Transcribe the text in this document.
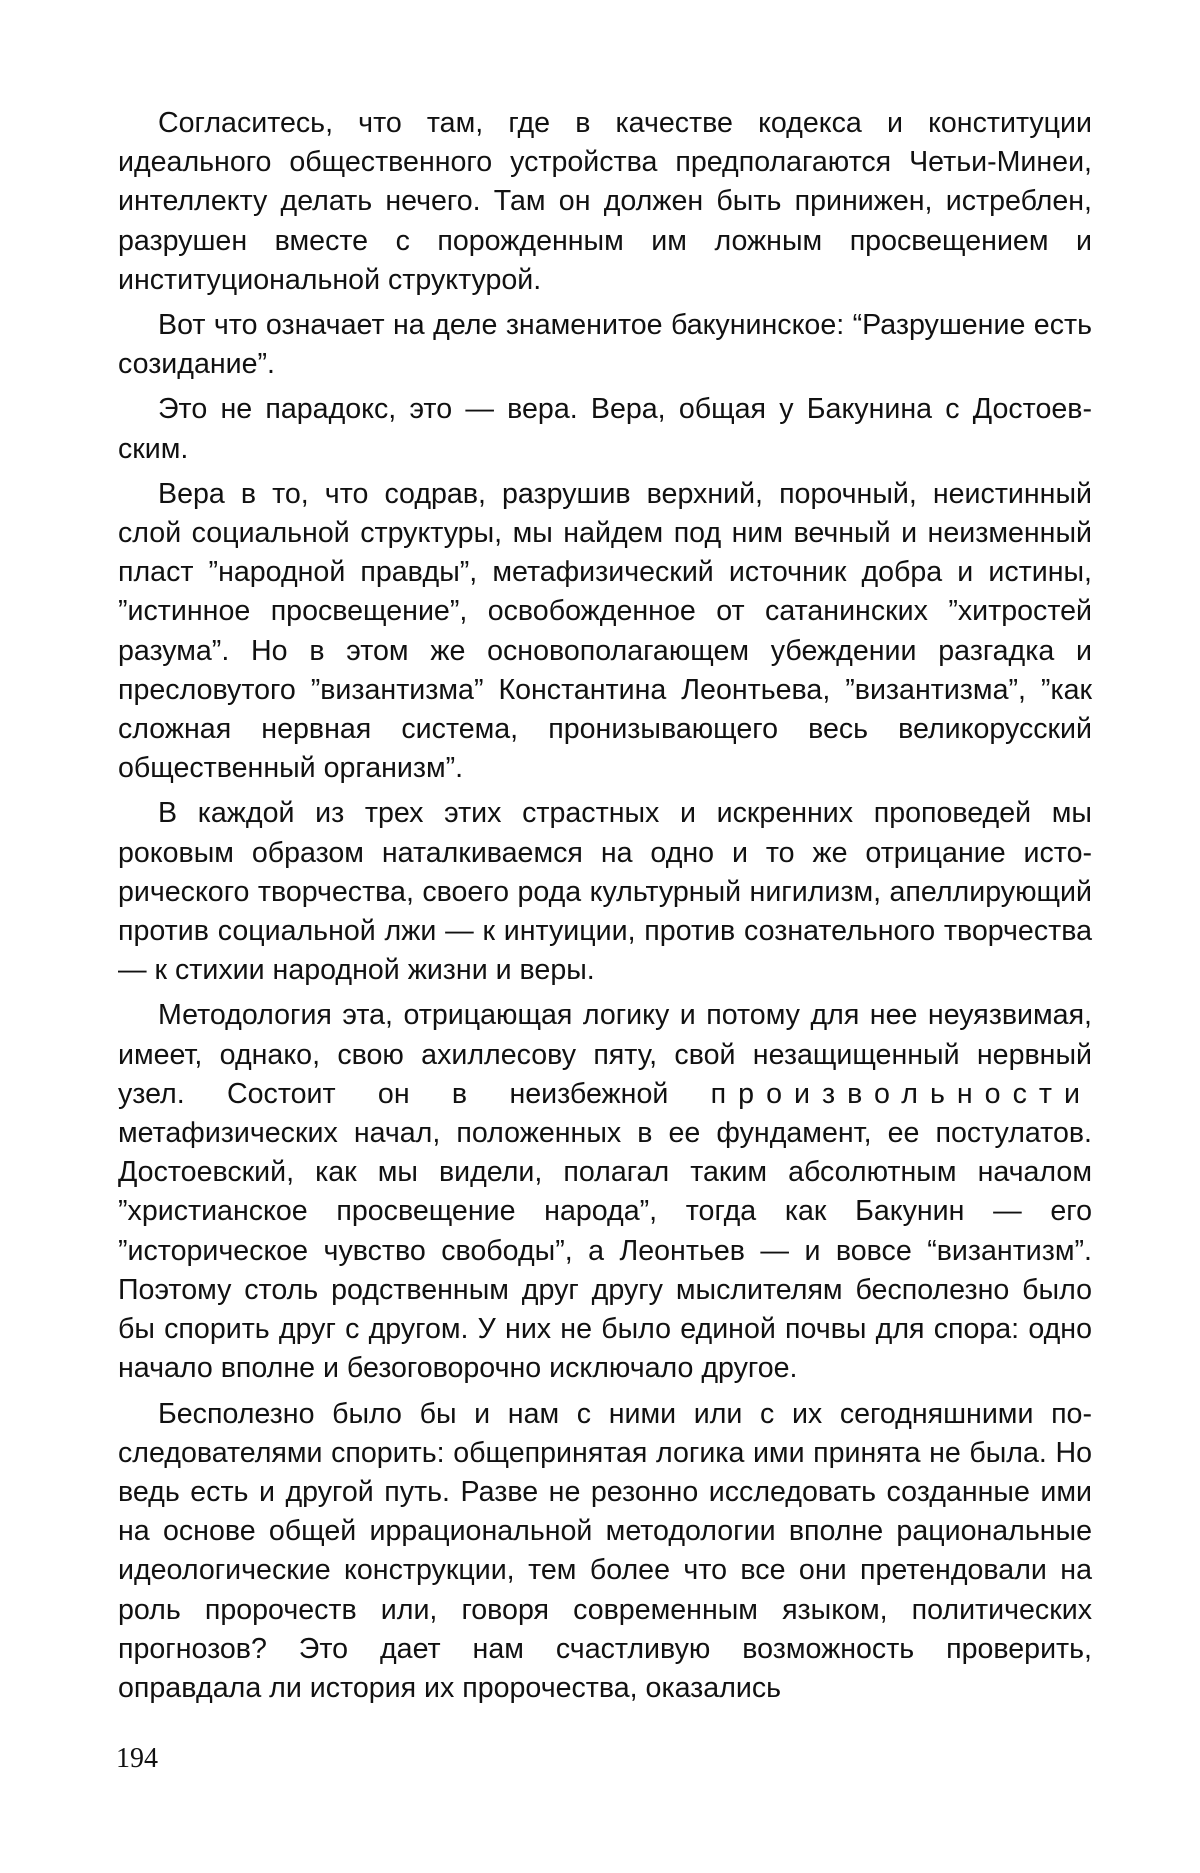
Согласитесь, что там, где в качестве кодекса и конституции идеального общественного устройства предполагаются Четьи-Минеи, интеллекту делать нечего. Там он должен быть принижен, истреблен, разрушен вместе с порожденным им ложным просвещением и институциональной структурой.

Вот что означает на деле знаменитое бакунинское: “Разрушение есть созидание”.

Это не парадокс, это — вера. Вера, общая у Бакунина с Достоевским.

Вера в то, что содрав, разрушив верхний, порочный, неистинный слой социальной структуры, мы найдем под ним вечный и неизменный пласт ”народной правды”, метафизический источник добра и истины, ”истинное просвещение”, освобожденное от сатанинских ”хитростей разума”. Но в этом же основополагающем убеждении разгадка и пресловутого ”византизма” Константина Леонтьева, ”византизма”, ”как сложная нервная система, пронизывающего весь великорусский общественный организм”.

В каждой из трех этих страстных и искренних проповедей мы роковым образом наталкиваемся на одно и то же отрицание исторического творчества, своего рода культурный нигилизм, апеллирующий против социальной лжи — к интуиции, против сознательного творчества — к стихии народной жизни и веры.

Методология эта, отрицающая логику и потому для нее неуязвимая, имеет, однако, свою ахиллесову пяту, свой незащищенный нервный узел. Состоит он в неизбежной произвольности метафизических начал, положенных в ее фундамент, ее постулатов. Достоевский, как мы видели, полагал таким абсолютным началом ”христианское просвещение народа”, тогда как Бакунин — его ”историческое чувство свободы”, а Леонтьев — и вовсе “византизм”. Поэтому столь родственным друг другу мыслителям бесполезно было бы спорить друг с другом. У них не было единой почвы для спора: одно начало вполне и безоговорочно исключало другое.

Бесполезно было бы и нам с ними или с их сегодняшними последователями спорить: общепринятая логика ими принята не была. Но ведь есть и другой путь. Разве не резонно исследовать созданные ими на основе общей иррациональной методологии вполне рациональные идеологические конструкции, тем более что все они претендовали на роль пророчеств или, говоря современным языком, политических прогнозов? Это дает нам счастливую возможность проверить, оправдала ли история их пророчества, оказались

194
